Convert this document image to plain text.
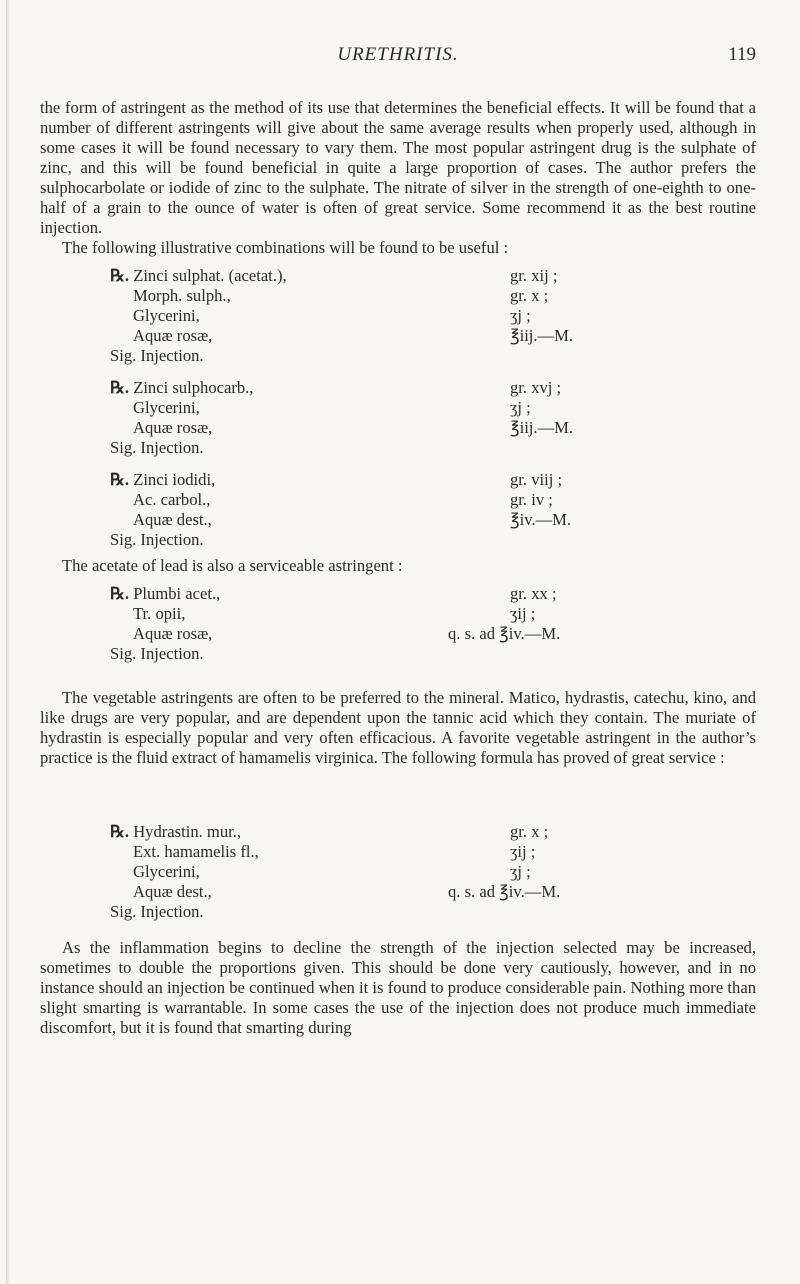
URETHRITIS.	119
the form of astringent as the method of its use that determines the beneficial effects. It will be found that a number of different astringents will give about the same average results when properly used, although in some cases it will be found necessary to vary them. The most popular astringent drug is the sulphate of zinc, and this will be found beneficial in quite a large proportion of cases. The author prefers the sulphocarbolate or iodide of zinc to the sulphate. The nitrate of silver in the strength of one-eighth to one-half of a grain to the ounce of water is often of great service. Some recommend it as the best routine injection.
The following illustrative combinations will be found to be useful :
℞. Zinci sulphat. (acetat.),	gr. xij ;
Morph. sulph.,	gr. x ;
Glycerini,	ʒj ;
Aquæ rosæ,	℥iij.—M.
Sig. Injection.
℞. Zinci sulphocarb.,	gr. xvj ;
Glycerini,	ʒj ;
Aquæ rosæ,	℥iij.—M.
Sig. Injection.
℞. Zinci iodidi,	gr. viij ;
Ac. carbol.,	gr. iv ;
Aquæ dest.,	℥iv.—M.
Sig. Injection.
The acetate of lead is also a serviceable astringent :
℞. Plumbi acet.,	gr. xx ;
Tr. opii,	ʒij ;
Aquæ rosæ,	q. s. ad ℥iv.—M.
Sig. Injection.
The vegetable astringents are often to be preferred to the mineral. Matico, hydrastis, catechu, kino, and like drugs are very popular, and are dependent upon the tannic acid which they contain. The muriate of hydrastin is especially popular and very often efficacious. A favorite vegetable astringent in the author’s practice is the fluid extract of hamamelis virginica. The following formula has proved of great service :
℞. Hydrastin. mur.,	gr. x ;
Ext. hamamelis fl.,	ʒij ;
Glycerini,	ʒj ;
Aquæ dest.,	q. s. ad ℥iv.—M.
Sig. Injection.
As the inflammation begins to decline the strength of the injection selected may be increased, sometimes to double the proportions given. This should be done very cautiously, however, and in no instance should an injection be continued when it is found to produce considerable pain. Nothing more than slight smarting is warrantable. In some cases the use of the injection does not produce much immediate discomfort, but it is found that smarting during
